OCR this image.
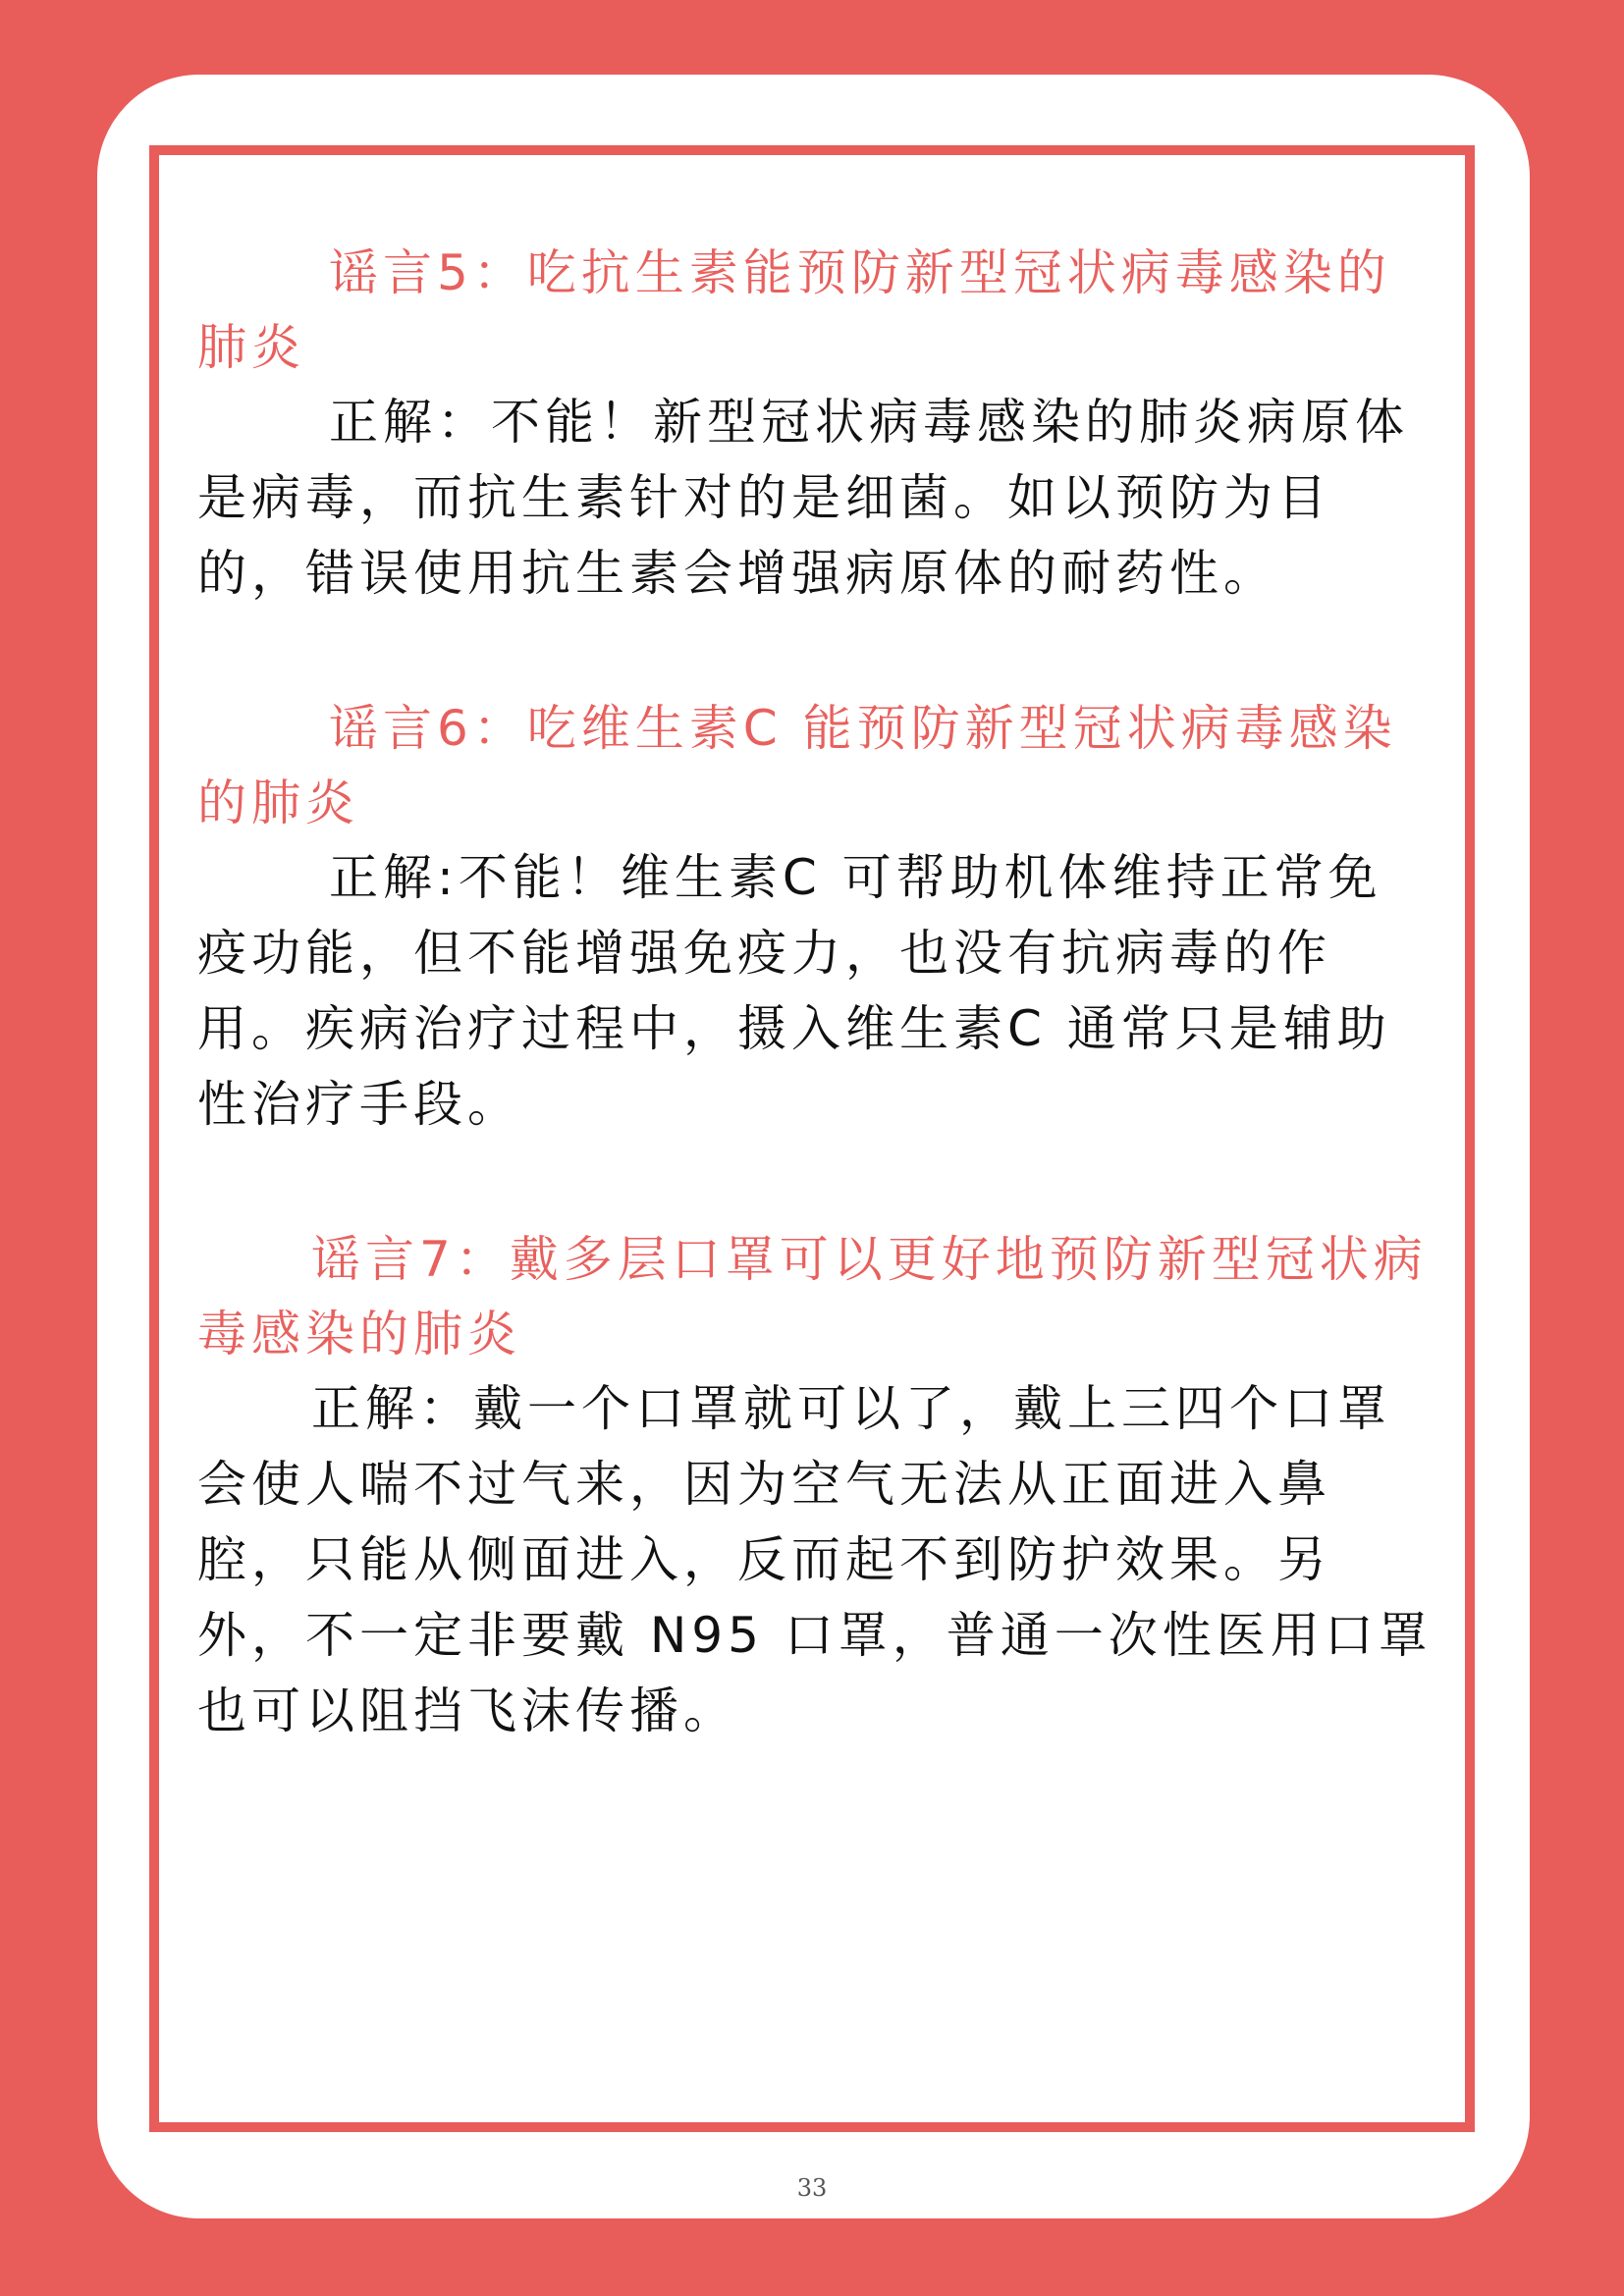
谣言5：吃抗生素能预防新型冠状病毒感染的肺炎

正解：不能！新型冠状病毒感染的肺炎病原体是病毒，而抗生素针对的是细菌。如以预防为目的，错误使用抗生素会增强病原体的耐药性。

谣言6：吃维生素C 能预防新型冠状病毒感染的肺炎

正解:不能！维生素C 可帮助机体维持正常免疫功能，但不能增强免疫力，也没有抗病毒的作用。疾病治疗过程中，摄入维生素C 通常只是辅助性治疗手段。

谣言7：戴多层口罩可以更好地预防新型冠状病毒感染的肺炎

正解：戴一个口罩就可以了，戴上三四个口罩会使人喘不过气来，因为空气无法从正面进入鼻腔，只能从侧面进入，反而起不到防护效果。另外，不一定非要戴 N95 口罩，普通一次性医用口罩也可以阻挡飞沫传播。

33
